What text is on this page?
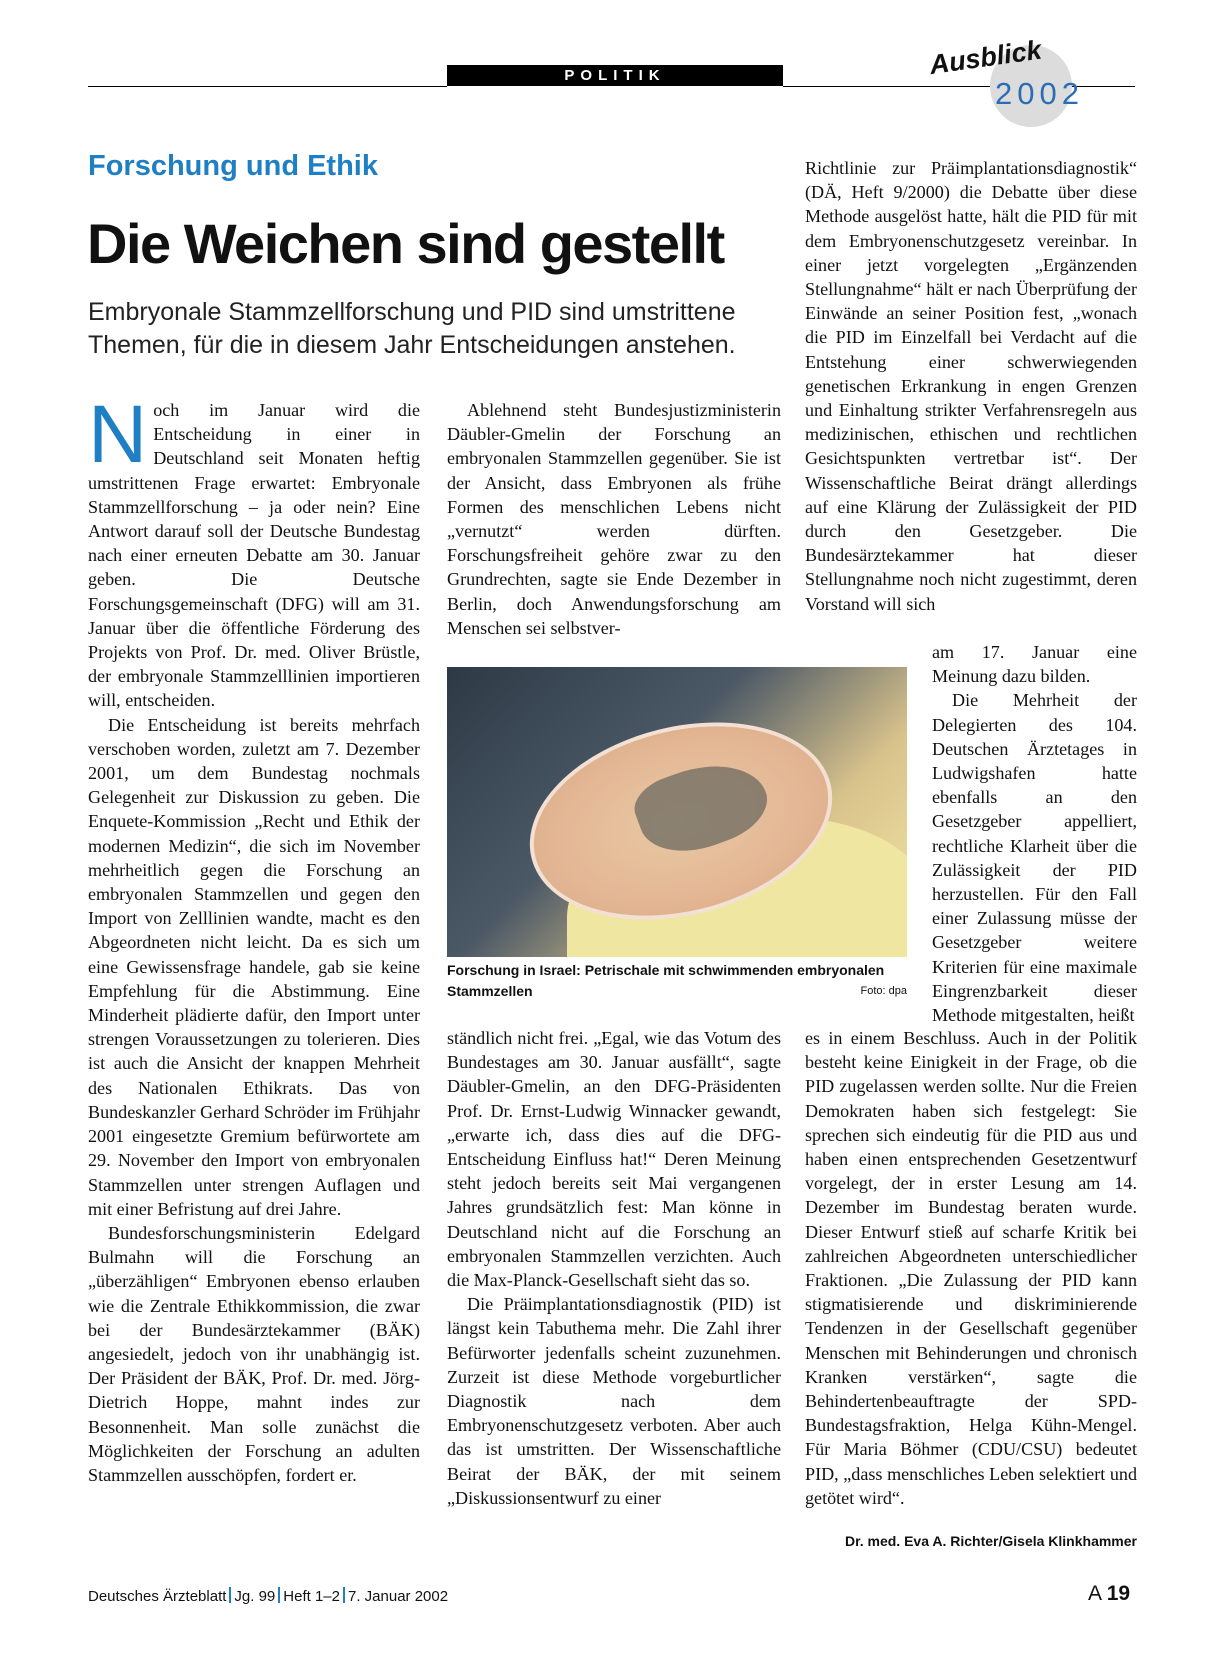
POLITIK	Ausblick
2002
Forschung und Ethik
Die Weichen sind gestellt
Embryonale Stammzellforschung und PID sind umstrittene Themen, für die in diesem Jahr Entscheidungen anstehen.

Noch im Januar wird die Entscheidung in einer in Deutschland seit Monaten heftig umstrittenen Frage erwartet: Embryonale Stammzellforschung – ja oder nein? Eine Antwort darauf soll der Deutsche Bundestag nach einer erneuten Debatte am 30. Januar geben. Die Deutsche Forschungsgemeinschaft (DFG) will am 31. Januar über die öffentliche Förderung des Projekts von Prof. Dr. med. Oliver Brüstle, der embryonale Stammzelllinien importieren will, entscheiden.

Die Entscheidung ist bereits mehrfach verschoben worden, zuletzt am 7. Dezember 2001, um dem Bundestag nochmals Gelegenheit zur Diskussion zu geben. Die Enquete-Kommission „Recht und Ethik der modernen Medizin“, die sich im November mehrheitlich gegen die Forschung an embryonalen Stammzellen und gegen den Import von Zelllinien wandte, macht es den Abgeordneten nicht leicht. Da es sich um eine Gewissensfrage handele, gab sie keine Empfehlung für die Abstimmung. Eine Minderheit plädierte dafür, den Import unter strengen Voraussetzungen zu tolerieren. Dies ist auch die Ansicht der knappen Mehrheit des Nationalen Ethikrats. Das von Bundeskanzler Gerhard Schröder im Frühjahr 2001 eingesetzte Gremium befürwortete am 29. November den Import von embryonalen Stammzellen unter strengen Auflagen und mit einer Befristung auf drei Jahre.

Bundesforschungsministerin Edelgard Bulmahn will die Forschung an „überzähligen“ Embryonen ebenso erlauben wie die Zentrale Ethikkommission, die zwar bei der Bundesärztekammer (BÄK) angesiedelt, jedoch von ihr unabhängig ist. Der Präsident der BÄK, Prof. Dr. med. Jörg-Dietrich Hoppe, mahnt indes zur Besonnenheit. Man solle zunächst die Möglichkeiten der Forschung an adulten Stammzellen ausschöpfen, fordert er.

Ablehnend steht Bundesjustizministerin Däubler-Gmelin der Forschung an embryonalen Stammzellen gegenüber. Sie ist der Ansicht, dass Embryonen als frühe Formen des menschlichen Lebens nicht „vernutzt“ werden dürften. Forschungsfreiheit gehöre zwar zu den Grundrechten, sagte sie Ende Dezember in Berlin, doch Anwendungsforschung am Menschen sei selbstver-

Forschung in Israel: Petrischale mit schwimmenden embryonalen Stammzellen	Foto: dpa

ständlich nicht frei. „Egal, wie das Votum des Bundestages am 30. Januar ausfällt“, sagte Däubler-Gmelin, an den DFG-Präsidenten Prof. Dr. Ernst-Ludwig Winnacker gewandt, „erwarte ich, dass dies auf die DFG-Entscheidung Einfluss hat!“ Deren Meinung steht jedoch bereits seit Mai vergangenen Jahres grundsätzlich fest: Man könne in Deutschland nicht auf die Forschung an embryonalen Stammzellen verzichten. Auch die Max-Planck-Gesellschaft sieht das so.

Die Präimplantationsdiagnostik (PID) ist längst kein Tabuthema mehr. Die Zahl ihrer Befürworter jedenfalls scheint zuzunehmen. Zurzeit ist diese Methode vorgeburtlicher Diagnostik nach dem Embryonenschutzgesetz verboten. Aber auch das ist umstritten. Der Wissenschaftliche Beirat der BÄK, der mit seinem „Diskussionsentwurf zu einer

Richtlinie zur Präimplantationsdiagnostik“ (DÄ, Heft 9/2000) die Debatte über diese Methode ausgelöst hatte, hält die PID für mit dem Embryonenschutzgesetz vereinbar. In einer jetzt vorgelegten „Ergänzenden Stellungnahme“ hält er nach Überprüfung der Einwände an seiner Position fest, „wonach die PID im Einzelfall bei Verdacht auf die Entstehung einer schwerwiegenden genetischen Erkrankung in engen Grenzen und Einhaltung strikter Verfahrensregeln aus medizinischen, ethischen und rechtlichen Gesichtspunkten vertretbar ist“. Der Wissenschaftliche Beirat drängt allerdings auf eine Klärung der Zulässigkeit der PID durch den Gesetzgeber. Die Bundesärztekammer hat dieser Stellungnahme noch nicht zugestimmt, deren Vorstand will sich

am 17. Januar eine Meinung dazu bilden.

Die Mehrheit der Delegierten des 104. Deutschen Ärztetages in Ludwigshafen hatte ebenfalls an den Gesetzgeber appelliert, rechtliche Klarheit über die Zulässigkeit der PID herzustellen. Für den Fall einer Zulassung müsse der Gesetzgeber weitere Kriterien für eine maximale Eingrenzbarkeit dieser Methode mitgestalten, heißt

es in einem Beschluss. Auch in der Politik besteht keine Einigkeit in der Frage, ob die PID zugelassen werden sollte. Nur die Freien Demokraten haben sich festgelegt: Sie sprechen sich eindeutig für die PID aus und haben einen entsprechenden Gesetzentwurf vorgelegt, der in erster Lesung am 14. Dezember im Bundestag beraten wurde. Dieser Entwurf stieß auf scharfe Kritik bei zahlreichen Abgeordneten unterschiedlicher Fraktionen. „Die Zulassung der PID kann stigmatisierende und diskriminierende Tendenzen in der Gesellschaft gegenüber Menschen mit Behinderungen und chronisch Kranken verstärken“, sagte die Behindertenbeauftragte der SPD-Bundestagsfraktion, Helga Kühn-Mengel. Für Maria Böhmer (CDU/CSU) bedeutet PID, „dass menschliches Leben selektiert und getötet wird“.

Dr. med. Eva A. Richter/Gisela Klinkhammer
Deutsches Ärzteblatt Jg. 99 Heft 1–2 7. Januar 2002	A 19
